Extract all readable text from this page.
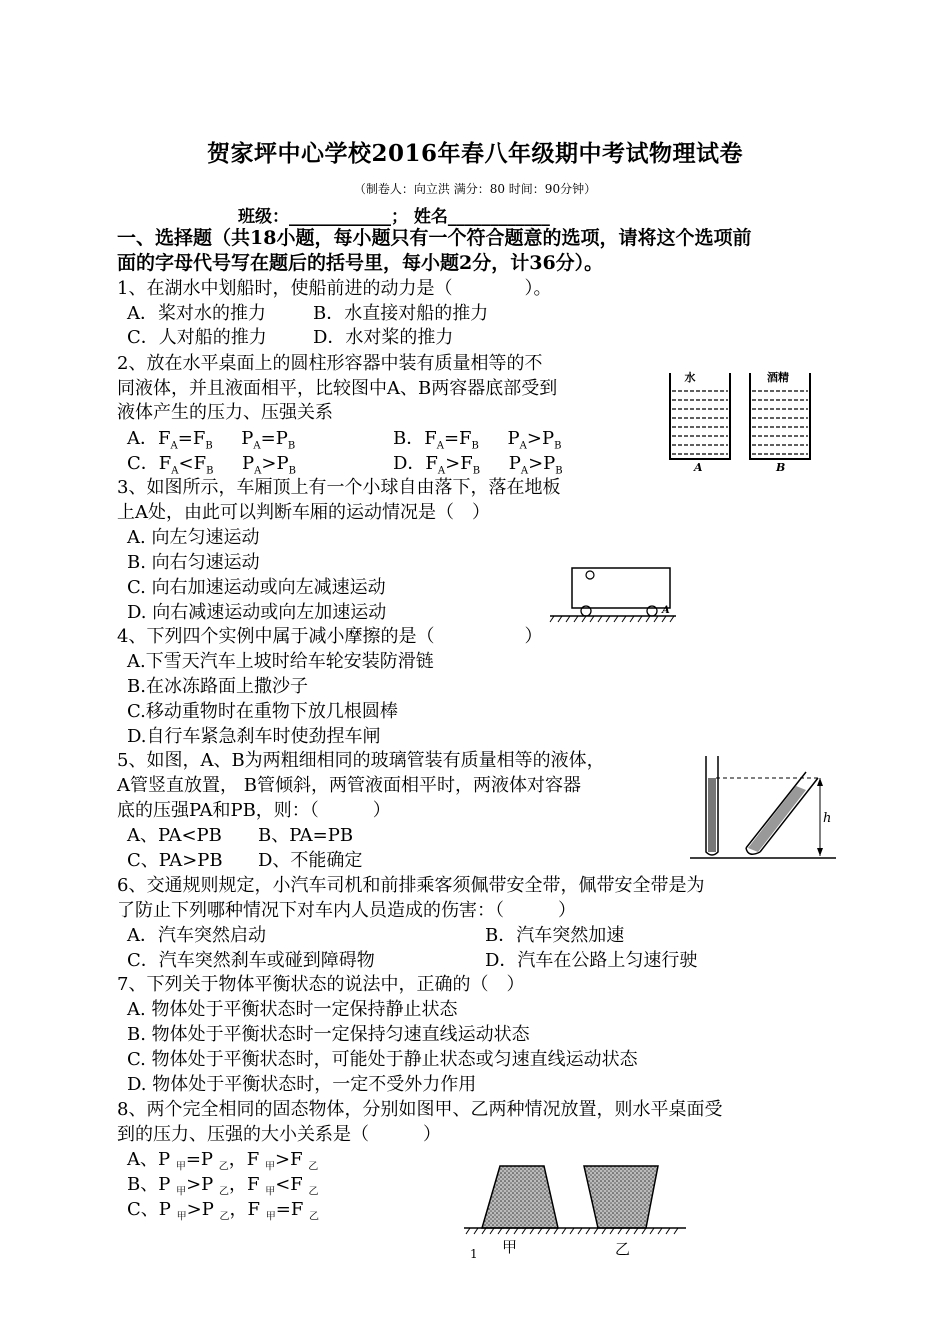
贺家坪中心学校2016年春八年级期中考试物理试卷
（制卷人：向立洪 满分：80 时间：90分钟）
班级：____________； 姓名____________
一、选择题（共18小题，每小题只有一个符合题意的选项，请将这个选项前
面的字母代号写在题后的括号里，每小题2分，计36分）。
1、在湖水中划船时，使船前进的动力是（　　　　）。
A．桨对水的推力	B．水直接对船的推力
C．人对船的推力	D．水对桨的推力
2、放在水平桌面上的圆柱形容器中装有质量相等的不
同液体，并且液面相平，比较图中A、B两容器底部受到
液体产生的压力、压强关系
A．$F_A=F_B$     $P_A=P_B$	B．$F_A=F_B$     $P_A>P_B$
C．$F_A<F_B$     $P_A>P_B$	D．$F_A>F_B$     $P_A>P_B$
水	酒精
A	B
3、如图所示，车厢顶上有一个小球自由落下，落在地板
上A处，由此可以判断车厢的运动情况是（　）
A. 向左匀速运动
B. 向右匀速运动
C. 向右加速运动或向左减速运动
D. 向右减速运动或向左加速运动	A
4、下列四个实例中属于减小摩擦的是（　　　　　）
A.下雪天汽车上坡时给车轮安装防滑链
B.在冰冻路面上撒沙子
C.移动重物时在重物下放几根圆棒
D.自行车紧急刹车时使劲捏车闸
5、如图，A、B为两粗细相同的玻璃管装有质量相等的液体，
A管竖直放置， B管倾斜，两管液面相平时，两液体对容器
底的压强PA和PB，则：（　　　）
A、PA<PB B、PA=PB
C、PA>PB D、不能确定
h
6、交通规则规定，小汽车司机和前排乘客须佩带安全带，佩带安全带是为
了防止下列哪种情况下对车内人员造成的伤害：（　　　）
A．汽车突然启动	B．汽车突然加速
C．汽车突然刹车或碰到障碍物	D．汽车在公路上匀速行驶
7、下列关于物体平衡状态的说法中，正确的（　）
A. 物体处于平衡状态时一定保持静止状态
B. 物体处于平衡状态时一定保持匀速直线运动状态
C. 物体处于平衡状态时，可能处于静止状态或匀速直线运动状态
D. 物体处于平衡状态时，一定不受外力作用
8、两个完全相同的固态物体，分别如图甲、乙两种情况放置，则水平桌面受
到的压力、压强的大小关系是（　　　）
A、P $_甲$=P $_乙$，F $_甲$>F $_乙$
B、P $_甲$>P $_乙$，F $_甲$<F $_乙$
C、P $_甲$>P $_乙$，F $_甲$=F $_乙$
甲	乙
1
